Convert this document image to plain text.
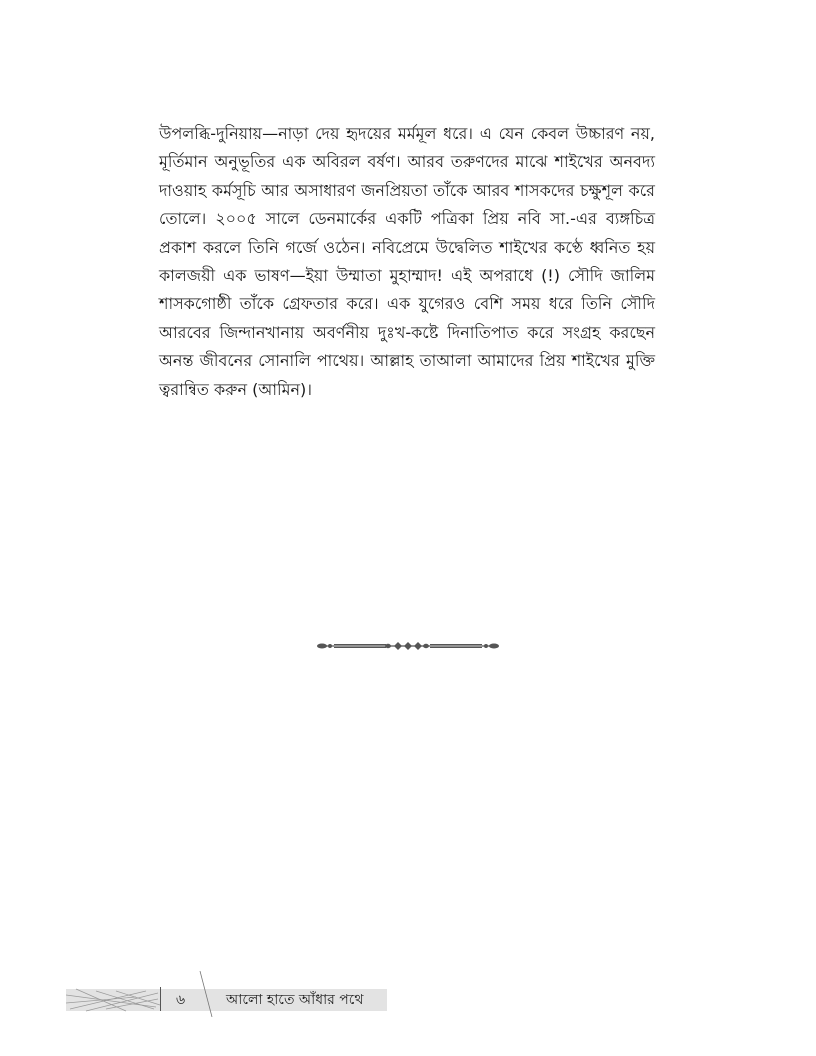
উপলব্ধি-দুনিয়ায়—নাড়া দেয় হৃদয়ের মর্মমূল ধরে। এ যেন কেবল উচ্চারণ নয়, মূর্তিমান অনুভূতির এক অবিরল বর্ষণ। আরব তরুণদের মাঝে শাইখের অনবদ্য দাওয়াহ কর্মসূচি আর অসাধারণ জনপ্রিয়তা তাঁকে আরব শাসকদের চক্ষুশূল করে তোলে। ২০০৫ সালে ডেনমার্কের একটি পত্রিকা প্রিয় নবি সা.-এর ব্যঙ্গচিত্র প্রকাশ করলে তিনি গর্জে ওঠেন। নবিপ্রেমে উদ্বেলিত শাইখের কণ্ঠে ধ্বনিত হয় কালজয়ী এক ভাষণ—ইয়া উম্মাতা মুহাম্মাদ! এই অপরাধে (!) সৌদি জালিম শাসকগোষ্ঠী তাঁকে গ্রেফতার করে। এক যুগেরও বেশি সময় ধরে তিনি সৌদি আরবের জিন্দানখানায় অবর্ণনীয় দুঃখ-কষ্টে দিনাতিপাত করে সংগ্রহ করছেন অনন্ত জীবনের সোনালি পাথেয়। আল্লাহ তাআলা আমাদের প্রিয় শাইখের মুক্তি ত্বরান্বিত করুন (আমিন)।

৬	আলো হাতে আঁধার পথে
